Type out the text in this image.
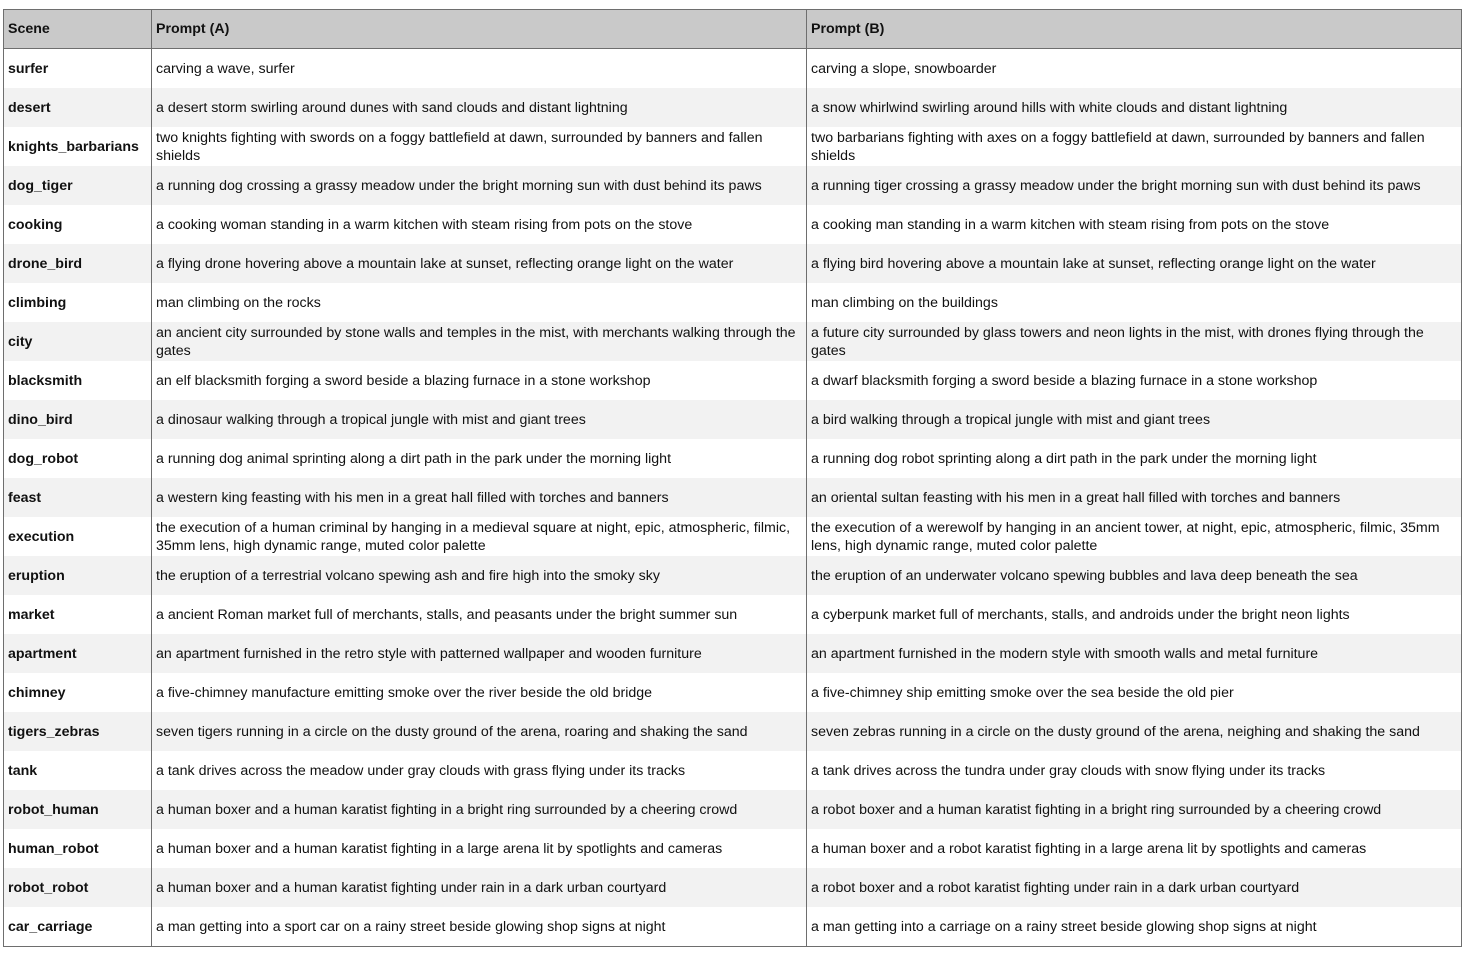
Scene	Prompt (A)	Prompt (B)
surfer	carving a wave, surfer	carving a slope, snowboarder
desert	a desert storm swirling around dunes with sand clouds and distant lightning	a snow whirlwind swirling around hills with white clouds and distant lightning
knights_barbarians	two knights fighting with swords on a foggy battlefield at dawn, surrounded by banners and fallen shields	two barbarians fighting with axes on a foggy battlefield at dawn, surrounded by banners and fallen shields
dog_tiger	a running dog crossing a grassy meadow under the bright morning sun with dust behind its paws	a running tiger crossing a grassy meadow under the bright morning sun with dust behind its paws
cooking	a cooking woman standing in a warm kitchen with steam rising from pots on the stove	a cooking man standing in a warm kitchen with steam rising from pots on the stove
drone_bird	a flying drone hovering above a mountain lake at sunset, reflecting orange light on the water	a flying bird hovering above a mountain lake at sunset, reflecting orange light on the water
climbing	man climbing on the rocks	man climbing on the buildings
city	an ancient city surrounded by stone walls and temples in the mist, with merchants walking through the gates	a future city surrounded by glass towers and neon lights in the mist, with drones flying through the gates
blacksmith	an elf blacksmith forging a sword beside a blazing furnace in a stone workshop	a dwarf blacksmith forging a sword beside a blazing furnace in a stone workshop
dino_bird	a dinosaur walking through a tropical jungle with mist and giant trees	a bird walking through a tropical jungle with mist and giant trees
dog_robot	a running dog animal sprinting along a dirt path in the park under the morning light	a running dog robot sprinting along a dirt path in the park under the morning light
feast	a western king feasting with his men in a great hall filled with torches and banners	an oriental sultan feasting with his men in a great hall filled with torches and banners
execution	the execution of a human criminal by hanging in a medieval square at night, epic, atmospheric, filmic, 35mm lens, high dynamic range, muted color palette	the execution of a werewolf by hanging in an ancient tower, at night, epic, atmospheric, filmic, 35mm lens, high dynamic range, muted color palette
eruption	the eruption of a terrestrial volcano spewing ash and fire high into the smoky sky	the eruption of an underwater volcano spewing bubbles and lava deep beneath the sea
market	a ancient Roman market full of merchants, stalls, and peasants under the bright summer sun	a cyberpunk market full of merchants, stalls, and androids under the bright neon lights
apartment	an apartment furnished in the retro style with patterned wallpaper and wooden furniture	an apartment furnished in the modern style with smooth walls and metal furniture
chimney	a five-chimney manufacture emitting smoke over the river beside the old bridge	a five-chimney ship emitting smoke over the sea beside the old pier
tigers_zebras	seven tigers running in a circle on the dusty ground of the arena, roaring and shaking the sand	seven zebras running in a circle on the dusty ground of the arena, neighing and shaking the sand
tank	a tank drives across the meadow under gray clouds with grass flying under its tracks	a tank drives across the tundra under gray clouds with snow flying under its tracks
robot_human	a human boxer and a human karatist fighting in a bright ring surrounded by a cheering crowd	a robot boxer and a human karatist fighting in a bright ring surrounded by a cheering crowd
human_robot	a human boxer and a human karatist fighting in a large arena lit by spotlights and cameras	a human boxer and a robot karatist fighting in a large arena lit by spotlights and cameras
robot_robot	a human boxer and a human karatist fighting under rain in a dark urban courtyard	a robot boxer and a robot karatist fighting under rain in a dark urban courtyard
car_carriage	a man getting into a sport car on a rainy street beside glowing shop signs at night	a man getting into a carriage on a rainy street beside glowing shop signs at night
